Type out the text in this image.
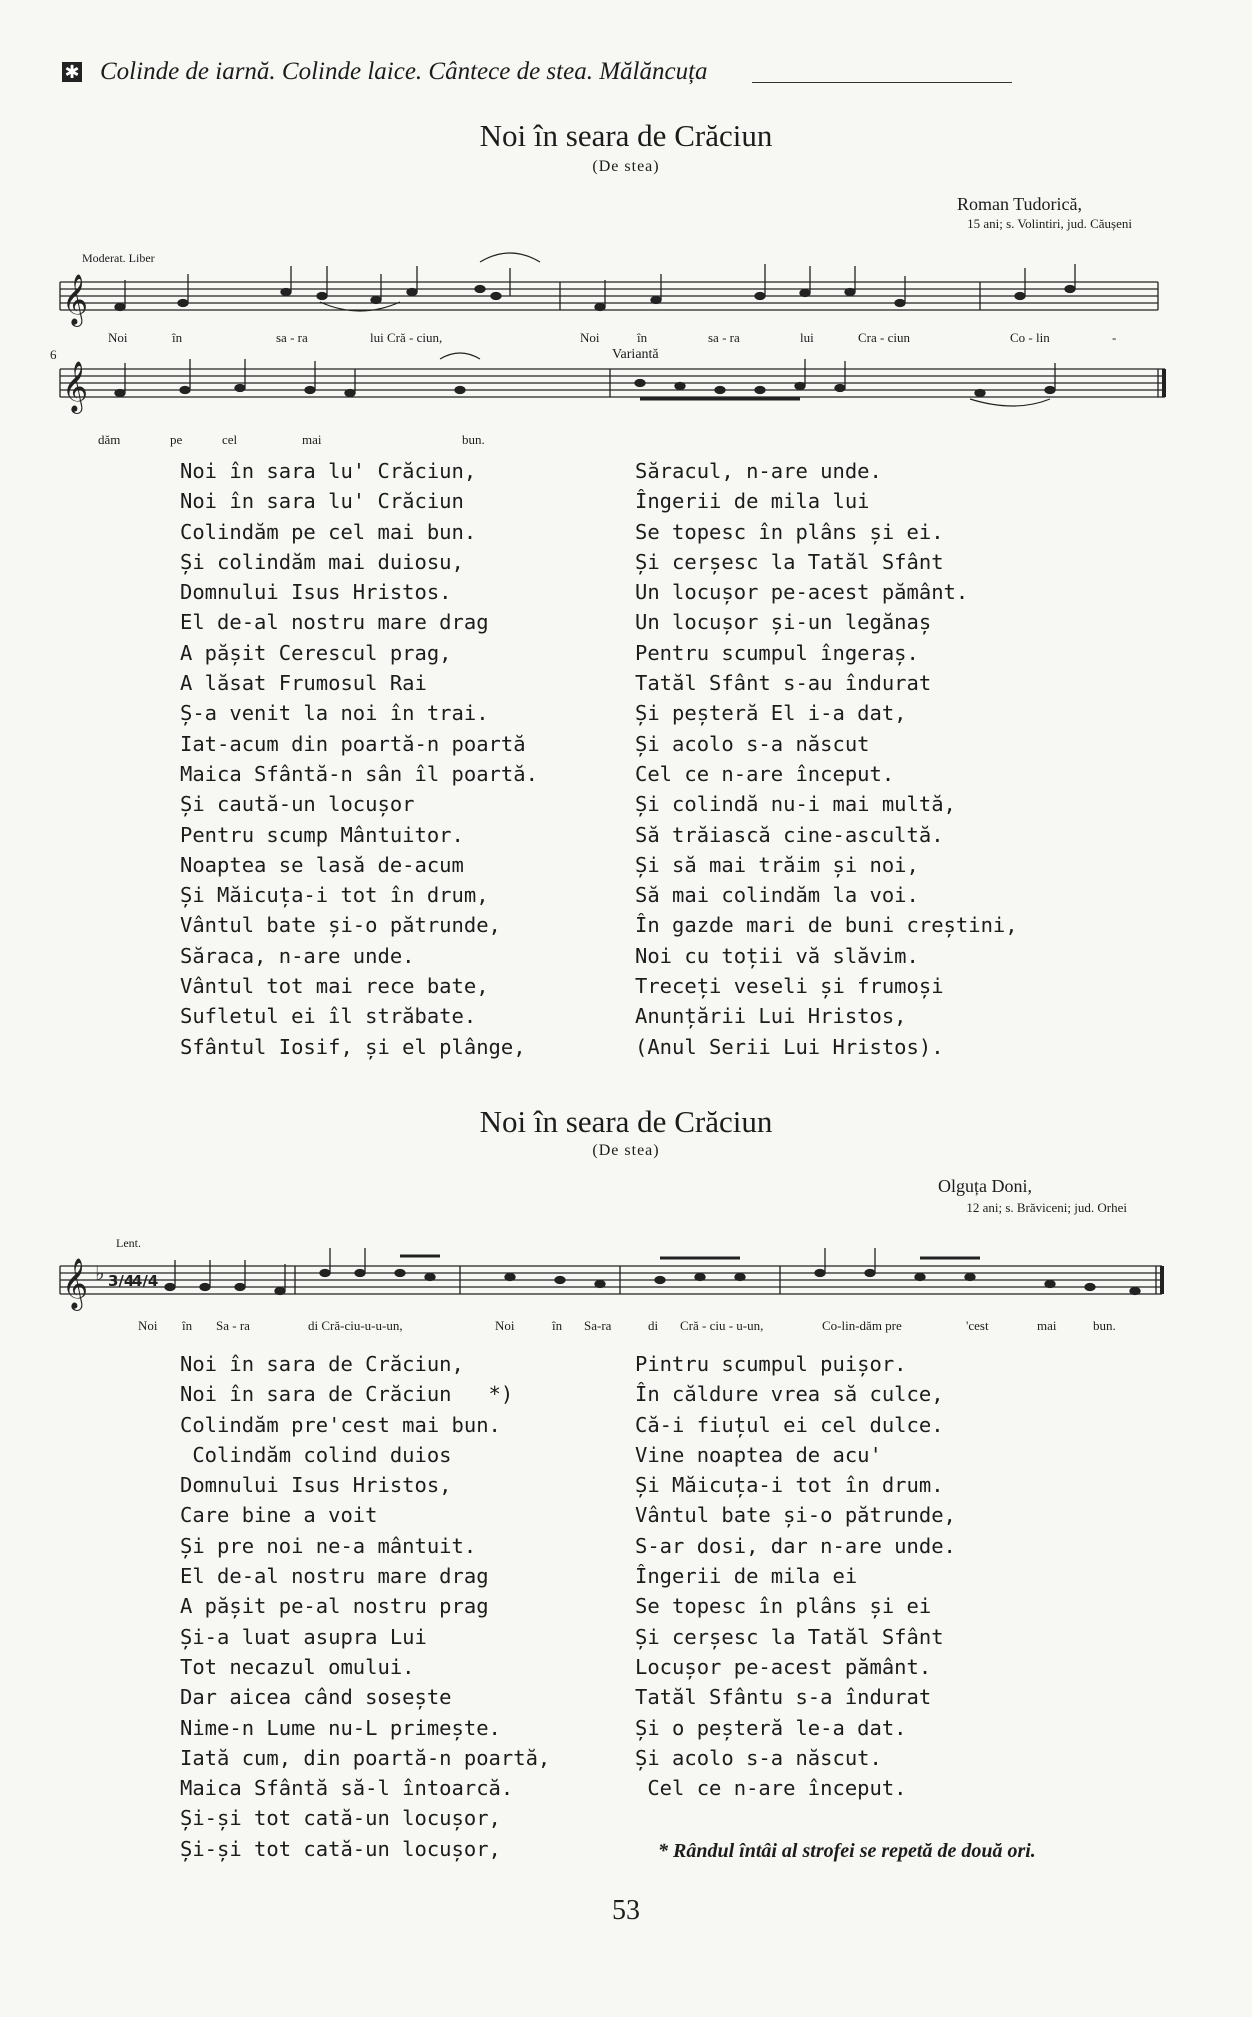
✱ Colinde de iarnă. Colinde laice. Cântece de stea. Mălăncuța
Noi în seara de Crăciun
(De stea)
Roman Tudorică,
15 ani; s. Volintiri, jud. Căușeni
Moderat. Liber
𝄞
Noi	în	sa - ra	lui Cră - ciun,	Noi	în	sa - ra	lui	Cra - ciun	Co - lin	-
Variantă
6
𝄞
dăm	pe	cel	mai	bun.
Noi în sara lu' Crăciun,
Noi în sara lu' Crăciun
Colindăm pe cel mai bun.
Și colindăm mai duiosu,
Domnului Isus Hristos.
El de-al nostru mare drag
A pășit Cerescul prag,
A lăsat Frumosul Rai
Ș-a venit la noi în trai.
Iat-acum din poartă-n poartă
Maica Sfântă-n sân îl poartă.
Și caută-un locușor
Pentru scump Mântuitor.
Noaptea se lasă de-acum
Și Măicuța-i tot în drum,
Vântul bate și-o pătrunde,
Săraca, n-are unde.
Vântul tot mai rece bate,
Sufletul ei îl străbate.
Sfântul Iosif, și el plânge,
Săracul, n-are unde.
Îngerii de mila lui
Se topesc în plâns și ei.
Și cerșesc la Tatăl Sfânt
Un locușor pe-acest pământ.
Un locușor și-un legănaș
Pentru scumpul îngeraș.
Tatăl Sfânt s-au îndurat
Și peșteră El i-a dat,
Și acolo s-a născut
Cel ce n-are început.
Și colindă nu-i mai multă,
Să trăiască cine-ascultă.
Și să mai trăim și noi,
Să mai colindăm la voi.
În gazde mari de buni creștini,
Noi cu toții vă slăvim.
Treceți veseli și frumoși
Anunțării Lui Hristos,
(Anul Serii Lui Hristos).
Noi în seara de Crăciun
(De stea)
Olguța Doni,
12 ani; s. Brăviceni; jud. Orhei
Lent.
𝄞 ♭ 3/4
4/4
Noi în Sa - ra	di Cră-ciu-u-u-un,	Noi	în Sa-ra	di Cră - ciu - u-un,	Co-lin-dăm pre	'cest	mai	bun.
Noi în sara de Crăciun,
Noi în sara de Crăciun   *)
Colindăm pre'cest mai bun.
Colindăm colind duios
Domnului Isus Hristos,
Care bine a voit
Și pre noi ne-a mântuit.
El de-al nostru mare drag
A pășit pe-al nostru prag
Și-a luat asupra Lui
Tot necazul omului.
Dar aicea când sosește
Nime-n Lume nu-L primește.
Iată cum, din poartă-n poartă,
Maica Sfântă să-l întoarcă.
Și-și tot cată-un locușor,
Și-și tot cată-un locușor,
Pintru scumpul puișor.
În căldure vrea să culce,
Că-i fiuțul ei cel dulce.
Vine noaptea de acu'
Și Măicuța-i tot în drum.
Vântul bate și-o pătrunde,
S-ar dosi, dar n-are unde.
Îngerii de mila ei
Se topesc în plâns și ei
Și cerșesc la Tatăl Sfânt
Locușor pe-acest pământ.
Tatăl Sfântu s-a îndurat
Și o peșteră le-a dat.
Și acolo s-a născut.
Cel ce n-are început.
* Rândul întâi al strofei se repetă de două ori.
53
